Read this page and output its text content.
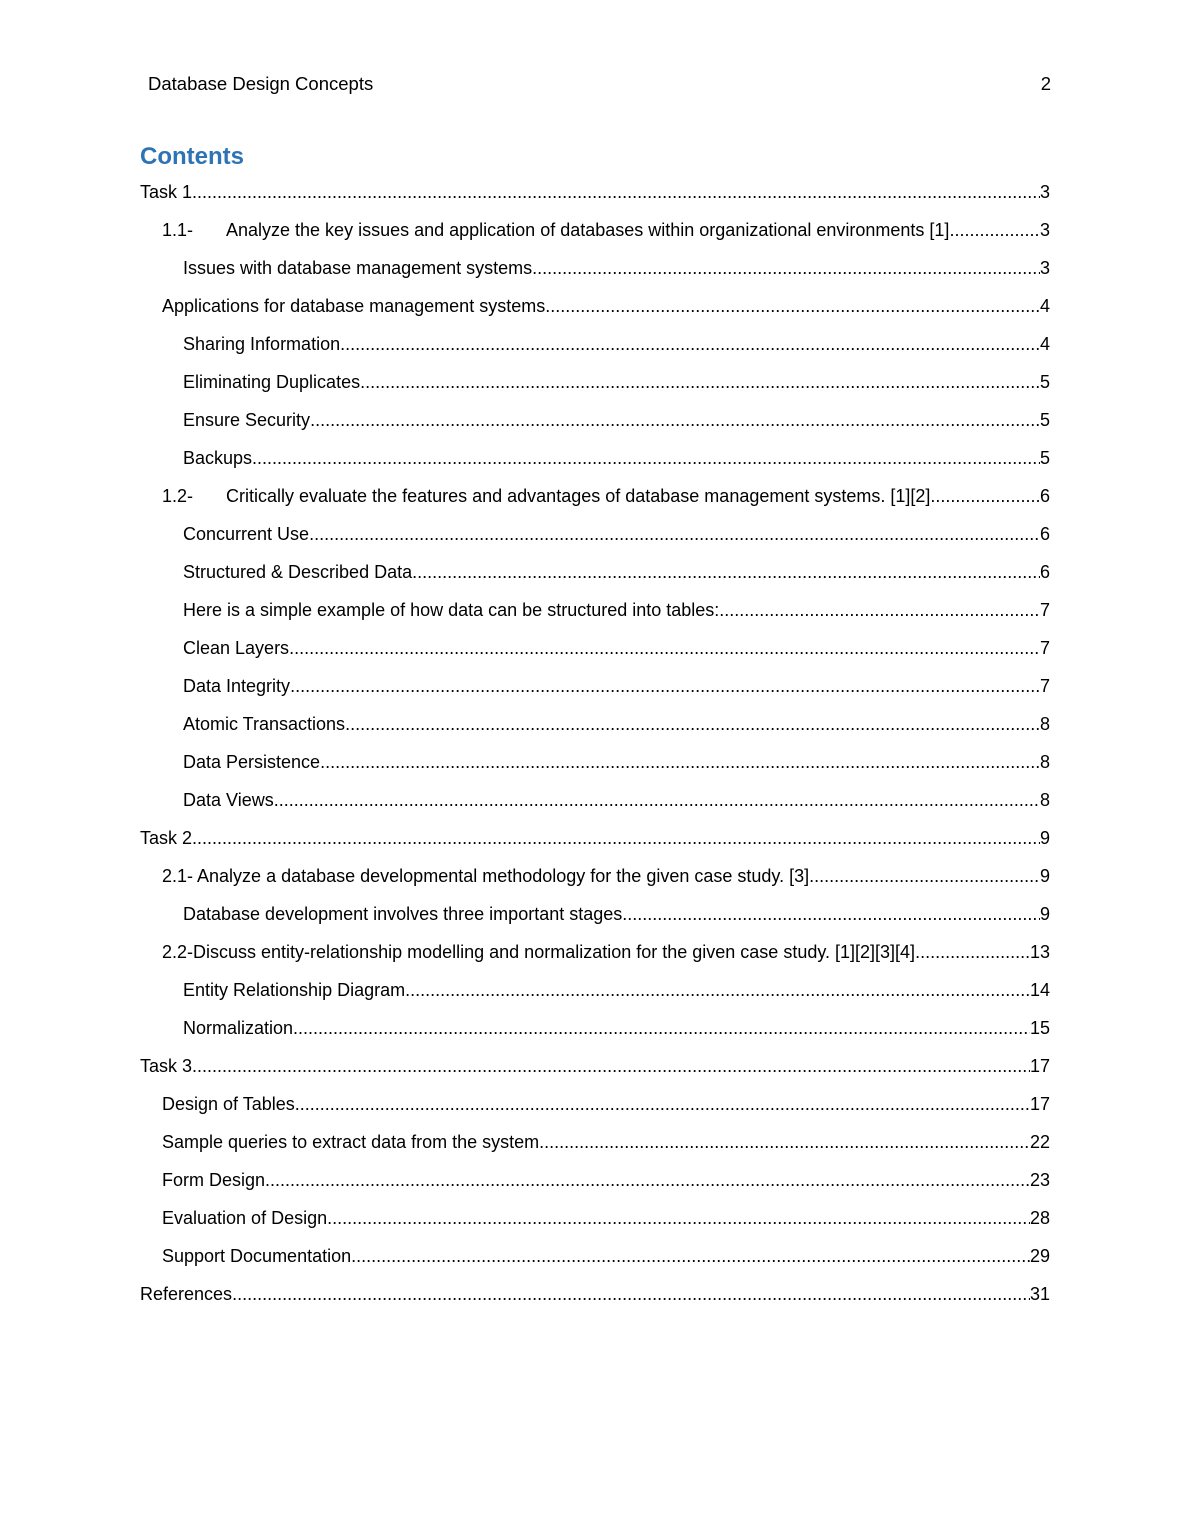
Database Design Concepts	2
Contents
Task 1 .....	3
1.1-	Analyze the key issues and application of databases within organizational environments [1] .....	3
Issues with database management systems .....	3
Applications for database management systems .....	4
Sharing Information .....	4
Eliminating Duplicates .....	5
Ensure Security .....	5
Backups .....	5
1.2-	Critically evaluate the features and advantages of database management systems. [1][2] .....	6
Concurrent Use .....	6
Structured & Described Data .....	6
Here is a simple example of how data can be structured into tables: .....	7
Clean Layers .....	7
Data Integrity .....	7
Atomic Transactions .....	8
Data Persistence .....	8
Data Views .....	8
Task 2 .....	9
2.1- Analyze a database developmental methodology for the given case study. [3] .....	9
Database development involves three important stages. .....	9
2.2-Discuss entity-relationship modelling and normalization for the given case study. [1][2][3][4] .....	13
Entity Relationship Diagram .....	14
Normalization .....	15
Task 3 .....	17
Design of Tables .....	17
Sample queries to extract data from the system .....	22
Form Design .....	23
Evaluation of Design .....	28
Support Documentation .....	29
References .....	31
